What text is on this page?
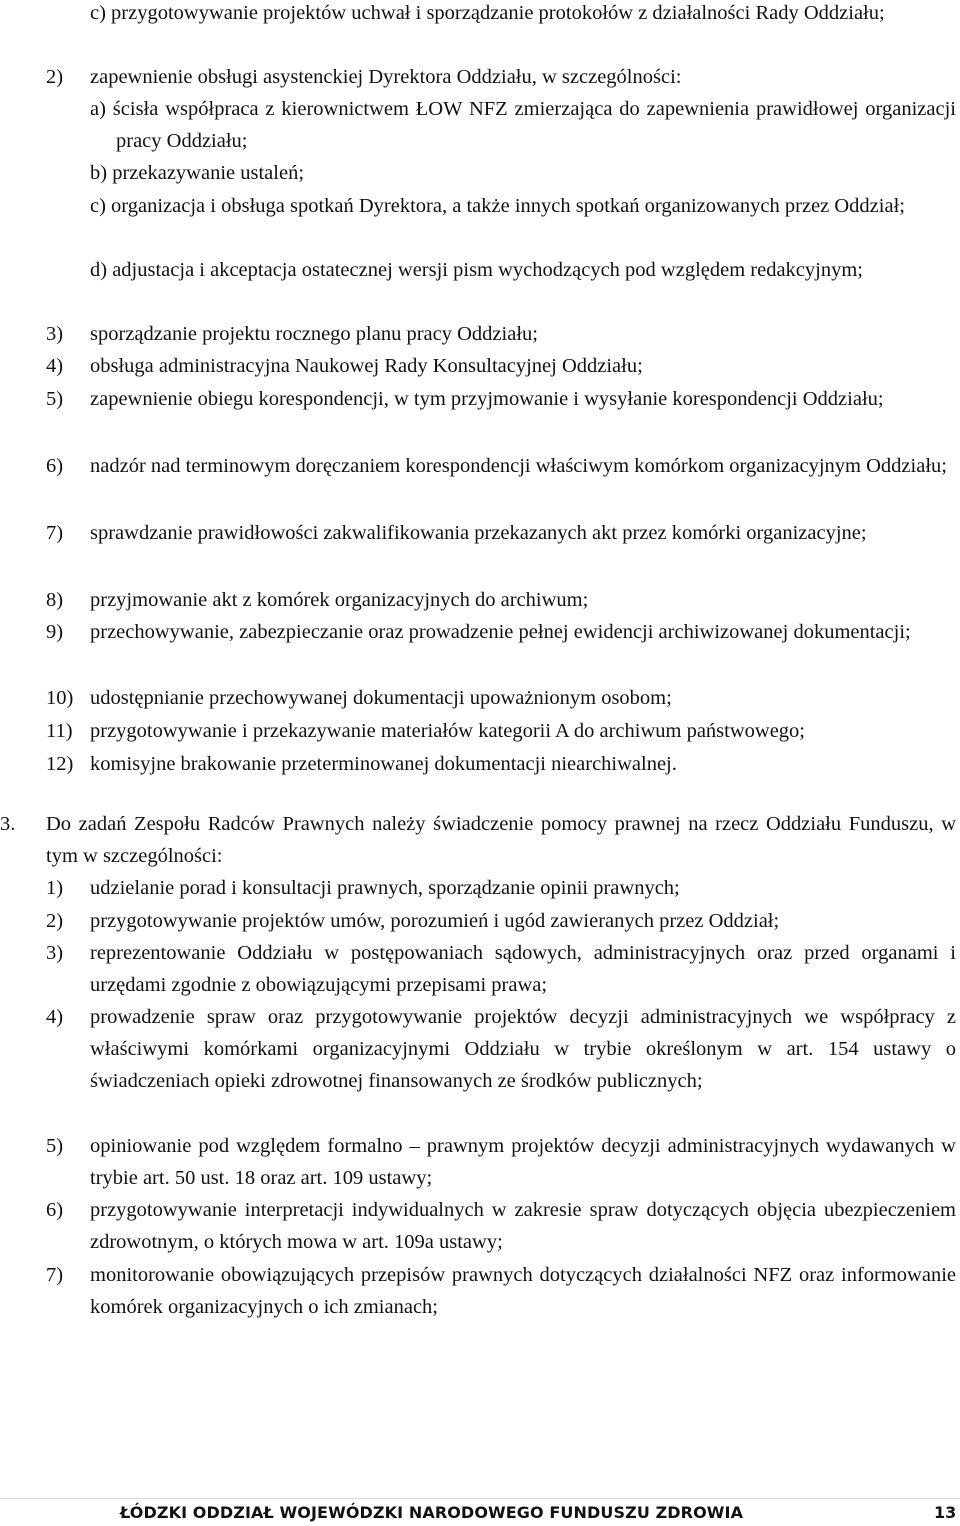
c) przygotowywanie projektów uchwał i sporządzanie protokołów z działalności Rady Oddziału;

2) zapewnienie obsługi asystenckiej Dyrektora Oddziału, w szczególności:

a) ścisła współpraca z kierownictwem ŁOW NFZ zmierzająca do zapewnienia prawidłowej organizacji pracy Oddziału;

b) przekazywanie ustaleń;

c) organizacja i obsługa spotkań Dyrektora, a także innych spotkań organizowanych przez Oddział;

d) adjustacja i akceptacja ostatecznej wersji pism wychodzących pod względem redakcyjnym;

3) sporządzanie projektu rocznego planu pracy Oddziału;

4) obsługa administracyjna Naukowej Rady Konsultacyjnej Oddziału;

5) zapewnienie obiegu korespondencji, w tym przyjmowanie i wysyłanie korespondencji Oddziału;

6) nadzór nad terminowym doręczaniem korespondencji właściwym komórkom organizacyjnym Oddziału;

7) sprawdzanie prawidłowości zakwalifikowania przekazanych akt przez komórki organizacyjne;

8) przyjmowanie akt z komórek organizacyjnych do archiwum;

9) przechowywanie, zabezpieczanie oraz prowadzenie pełnej ewidencji archiwizowanej dokumentacji;

10) udostępnianie przechowywanej dokumentacji upoważnionym osobom;

11) przygotowywanie i przekazywanie materiałów kategorii A do archiwum państwowego;

12) komisyjne brakowanie przeterminowanej dokumentacji niearchiwalnej.

3. Do zadań Zespołu Radców Prawnych należy świadczenie pomocy prawnej na rzecz Oddziału Funduszu, w tym w szczególności:

1) udzielanie porad i konsultacji prawnych, sporządzanie opinii prawnych;

2) przygotowywanie projektów umów, porozumień i ugód zawieranych przez Oddział;

3) reprezentowanie Oddziału w postępowaniach sądowych, administracyjnych oraz przed organami i urzędami zgodnie z obowiązującymi przepisami prawa;

4) prowadzenie spraw oraz przygotowywanie projektów decyzji administracyjnych we współpracy z właściwymi komórkami organizacyjnymi Oddziału w trybie określonym w art. 154 ustawy o świadczeniach opieki zdrowotnej finansowanych ze środków publicznych;

5) opiniowanie pod względem formalno – prawnym projektów decyzji administracyjnych wydawanych w trybie art. 50 ust. 18 oraz art. 109 ustawy;

6) przygotowywanie interpretacji indywidualnych w zakresie spraw dotyczących objęcia ubezpieczeniem zdrowotnym, o których mowa w art. 109a ustawy;

7) monitorowanie obowiązujących przepisów prawnych dotyczących działalności NFZ oraz informowanie komórek organizacyjnych o ich zmianach;

ŁÓDZKI ODDZIAŁ WOJEWÓDZKI NARODOWEGO FUNDUSZU ZDROWIA	13
